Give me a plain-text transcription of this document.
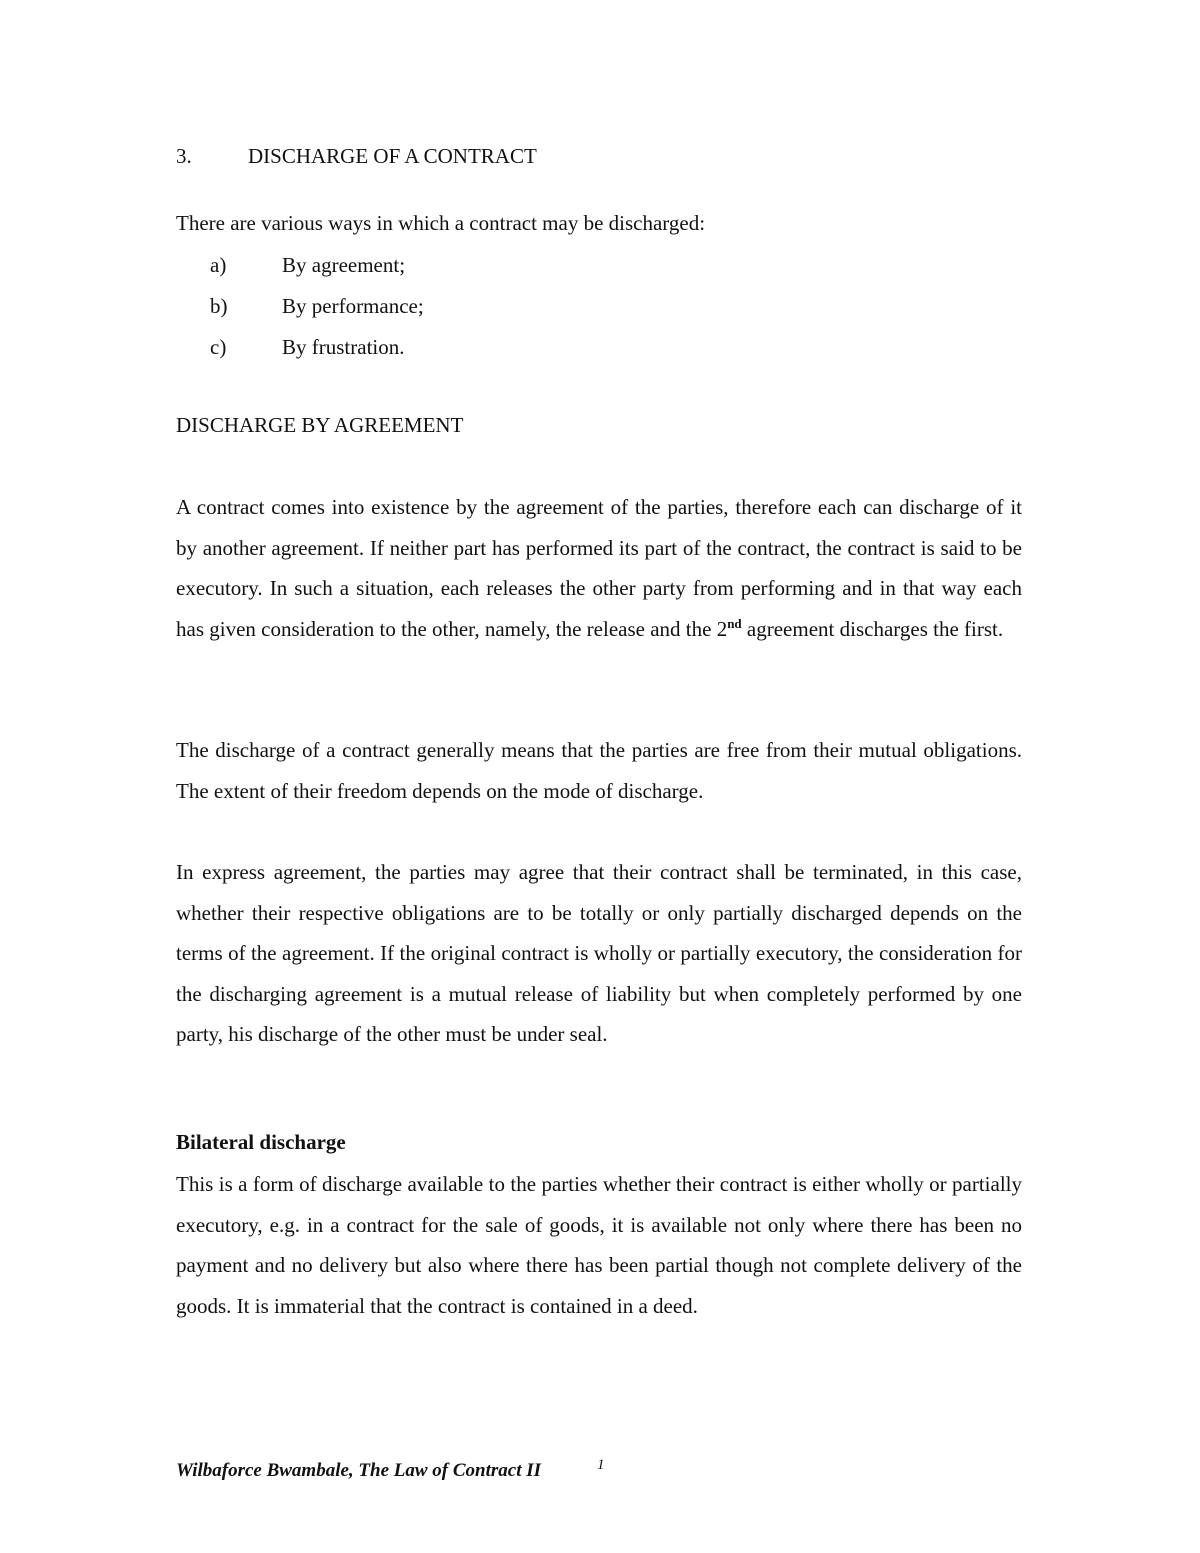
3.	DISCHARGE OF A CONTRACT
There are various ways in which a contract may be discharged:
a)	By agreement;
b)	By performance;
c)	By frustration.
DISCHARGE BY AGREEMENT

A contract comes into existence by the agreement of the parties, therefore each can discharge of it by another agreement. If neither part has performed its part of the contract, the contract is said to be executory. In such a situation, each releases the other party from performing and in that way each has given consideration to the other, namely, the release and the 2nd agreement discharges the first.

The discharge of a contract generally means that the parties are free from their mutual obligations. The extent of their freedom depends on the mode of discharge.

In express agreement, the parties may agree that their contract shall be terminated, in this case, whether their respective obligations are to be totally or only partially discharged depends on the terms of the agreement. If the original contract is wholly or partially executory, the consideration for the discharging agreement is a mutual release of liability but when completely performed by one party, his discharge of the other must be under seal.

Bilateral discharge

This is a form of discharge available to the parties whether their contract is either wholly or partially executory, e.g. in a contract for the sale of goods, it is available not only where there has been no payment and no delivery but also where there has been partial though not complete delivery of the goods. It is immaterial that the contract is contained in a deed.

Wilbaforce Bwambale, The Law of Contract II	1
